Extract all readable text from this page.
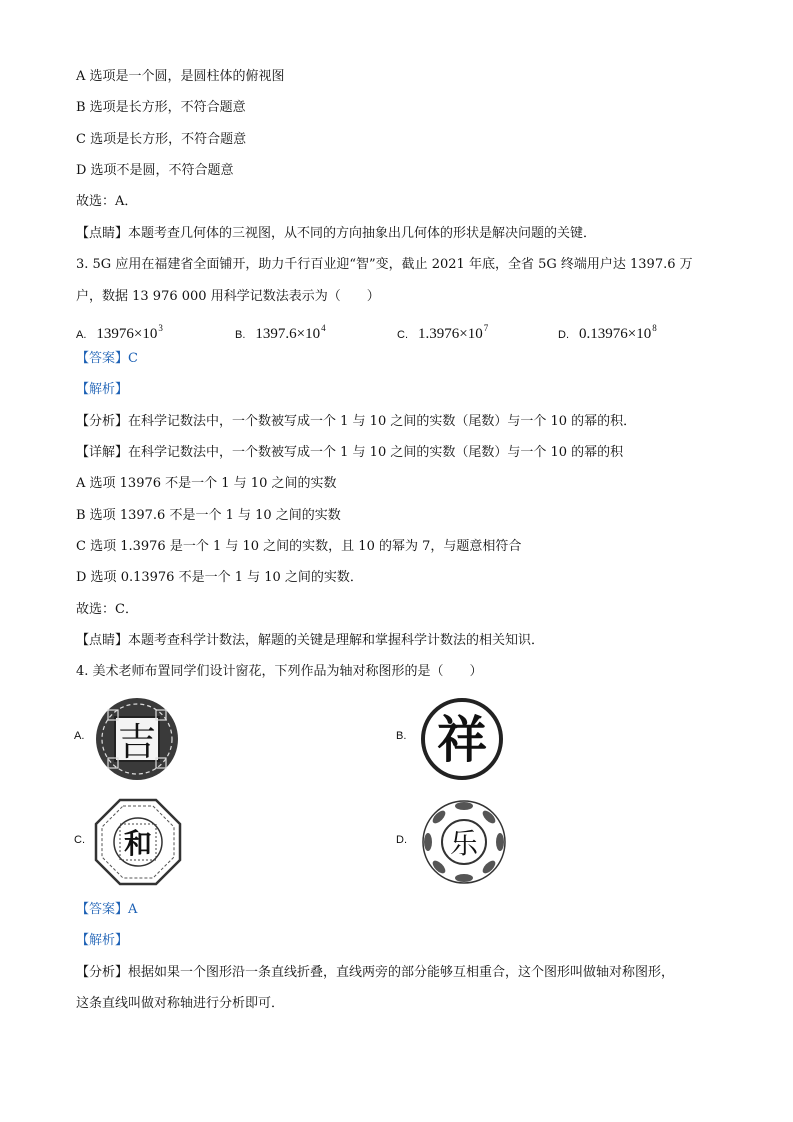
A 选项是一个圆，是圆柱体的俯视图
B 选项是长方形，不符合题意
C 选项是长方形，不符合题意
D 选项不是圆，不符合题意
故选：A．
【点睛】本题考查几何体的三视图，从不同的方向抽象出几何体的形状是解决问题的关键．
3. 5G 应用在福建省全面铺开，助力千行百业迎“智”变，截止 2021 年底，全省 5G 终端用户达 1397.6 万
户，数据 13 976 000 用科学记数法表示为（　　）
A. $13976\times 10^3$
B. $1397.6\times 10^4$
C. $1.3976\times 10^7$
D. $0.13976\times 10^8$
【答案】C
【解析】
【分析】在科学记数法中，一个数被写成一个 1 与 10 之间的实数（尾数）与一个 10 的幂的积．
【详解】在科学记数法中，一个数被写成一个 1 与 10 之间的实数（尾数）与一个 10 的幂的积
A 选项 13976 不是一个 1 与 10 之间的实数
B 选项 1397.6 不是一个 1 与 10 之间的实数
C 选项 1.3976 是一个 1 与 10 之间的实数，且 10 的幂为 7，与题意相符合
D 选项 0.13976 不是一个 1 与 10 之间的实数．
故选：C．
【点睛】本题考查科学计数法，解题的关键是理解和掌握科学计数法的相关知识．
4. 美术老师布置同学们设计窗花，下列作品为轴对称图形的是（　　）
A. 吉	B. 祥
C. 和	D. 乐
【答案】A
【解析】
【分析】根据如果一个图形沿一条直线折叠，直线两旁的部分能够互相重合，这个图形叫做轴对称图形，
这条直线叫做对称轴进行分析即可．
